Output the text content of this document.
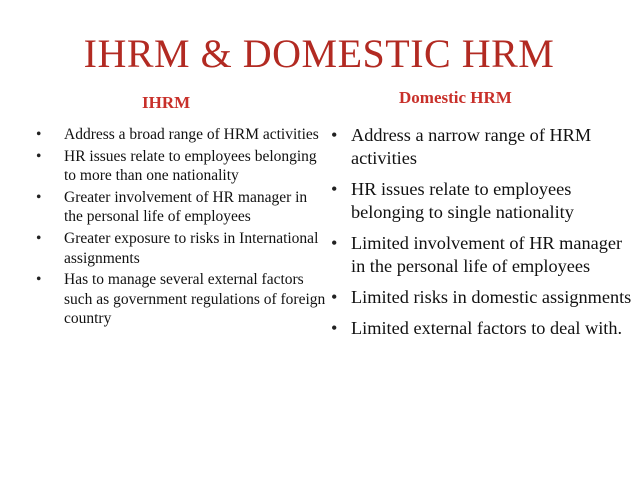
IHRM & DOMESTIC HRM
IHRM	Domestic HRM
• Address a broad range of HRM activities
• HR issues relate to employees belonging to more than one nationality
• Greater involvement of HR manager in the personal life of employees
• Greater exposure to risks in International assignments
• Has to manage several external factors such as government regulations of foreign country
• Address a narrow range of HRM activities
• HR issues relate to employees belonging to single nationality
• Limited involvement of HR manager in the personal life of employees
• Limited risks in domestic assignments
• Limited external factors to deal with.
